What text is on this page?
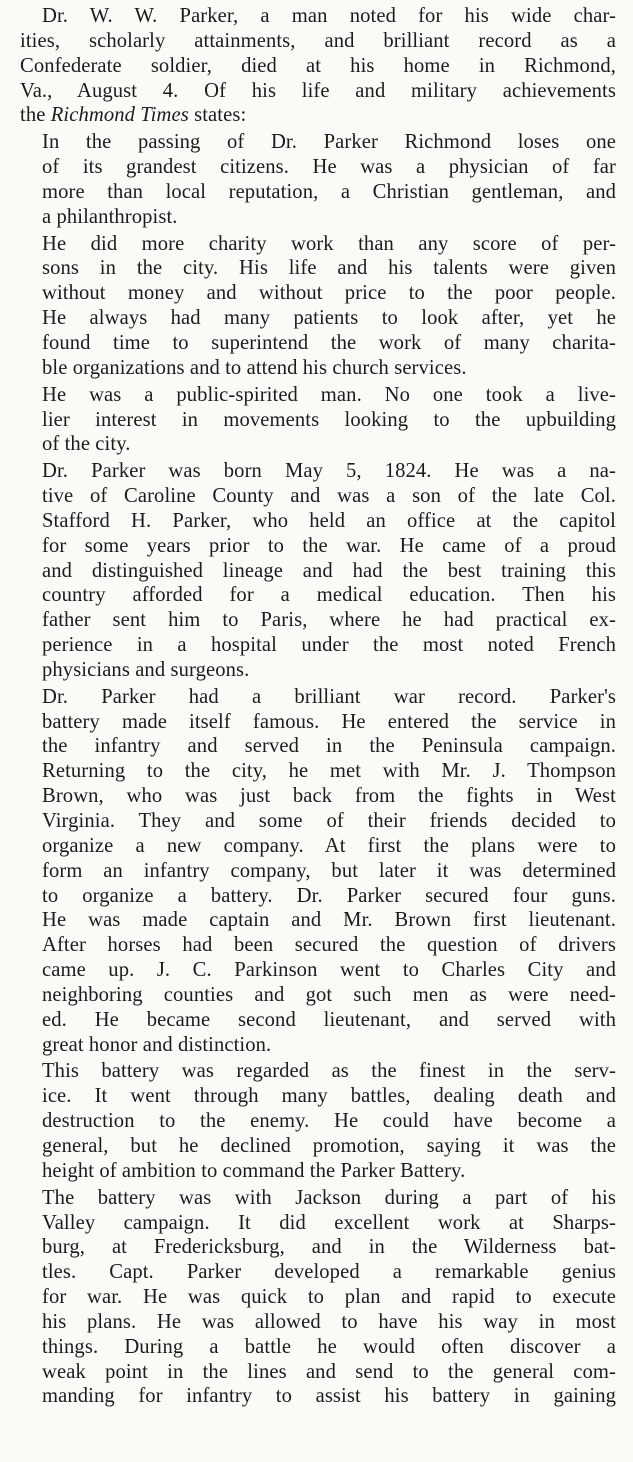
Dr. W. W. Parker, a man noted for his wide char-
ities, scholarly attainments, and brilliant record as a
Confederate soldier, died at his home in Richmond,
Va., August 4. Of his life and military achievements
the Richmond Times states:

In the passing of Dr. Parker Richmond loses one
of its grandest citizens. He was a physician of far
more than local reputation, a Christian gentleman, and
a philanthropist.

He did more charity work than any score of per-
sons in the city. His life and his talents were given
without money and without price to the poor people.
He always had many patients to look after, yet he
found time to superintend the work of many charita-
ble organizations and to attend his church services.

He was a public-spirited man. No one took a live-
lier interest in movements looking to the upbuilding
of the city.

Dr. Parker was born May 5, 1824. He was a na-
tive of Caroline County and was a son of the late Col.
Stafford H. Parker, who held an office at the capitol
for some years prior to the war. He came of a proud
and distinguished lineage and had the best training this
country afforded for a medical education. Then his
father sent him to Paris, where he had practical ex-
perience in a hospital under the most noted French
physicians and surgeons.

Dr. Parker had a brilliant war record. Parker's
battery made itself famous. He entered the service in
the infantry and served in the Peninsula campaign.
Returning to the city, he met with Mr. J. Thompson
Brown, who was just back from the fights in West
Virginia. They and some of their friends decided to
organize a new company. At first the plans were to
form an infantry company, but later it was determined
to organize a battery. Dr. Parker secured four guns.
He was made captain and Mr. Brown first lieutenant.
After horses had been secured the question of drivers
came up. J. C. Parkinson went to Charles City and
neighboring counties and got such men as were need-
ed. He became second lieutenant, and served with
great honor and distinction.

This battery was regarded as the finest in the serv-
ice. It went through many battles, dealing death and
destruction to the enemy. He could have become a
general, but he declined promotion, saying it was the
height of ambition to command the Parker Battery.

The battery was with Jackson during a part of his
Valley campaign. It did excellent work at Sharps-
burg, at Fredericksburg, and in the Wilderness bat-
tles. Capt. Parker developed a remarkable genius
for war. He was quick to plan and rapid to execute
his plans. He was allowed to have his way in most
things. During a battle he would often discover a
weak point in the lines and send to the general com-
manding for infantry to assist his battery in gaining
